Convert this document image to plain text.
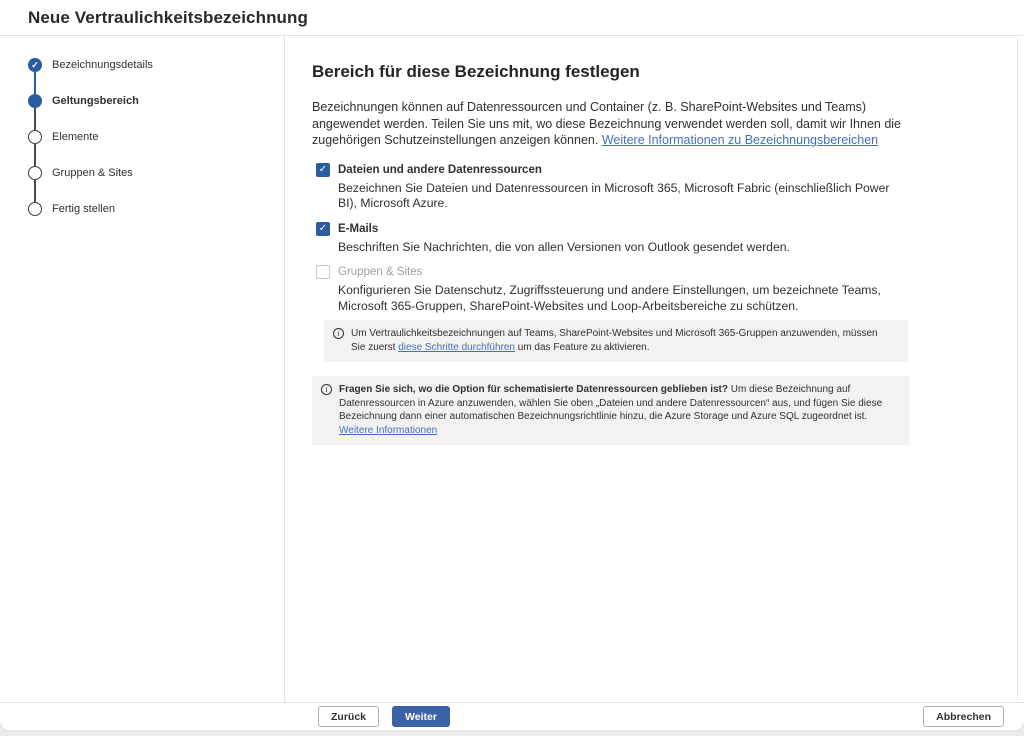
Neue Vertraulichkeitsbezeichnung
✓ Bezeichnungsdetails
Geltungsbereich
Elemente
Gruppen & Sites
Fertig stellen
Bereich für diese Bezeichnung festlegen

Bezeichnungen können auf Datenressourcen und Container (z. B. SharePoint-Websites und Teams) angewendet werden. Teilen Sie uns mit, wo diese Bezeichnung verwendet werden soll, damit wir Ihnen die zugehörigen Schutzeinstellungen anzeigen können. Weitere Informationen zu Bezeichnungsbereichen

✓ Dateien und andere Datenressourcen
Bezeichnen Sie Dateien und Datenressourcen in Microsoft 365, Microsoft Fabric (einschließlich Power BI), Microsoft Azure.
✓ E-Mails
Beschriften Sie Nachrichten, die von allen Versionen von Outlook gesendet werden.
Gruppen & Sites
Konfigurieren Sie Datenschutz, Zugriffssteuerung und andere Einstellungen, um bezeichnete Teams, Microsoft 365-Gruppen, SharePoint-Websites und Loop-Arbeitsbereiche zu schützen.
i	Um Vertraulichkeitsbezeichnungen auf Teams, SharePoint-Websites und Microsoft 365-Gruppen anzuwenden, müssen Sie zuerst diese Schritte durchführen um das Feature zu aktivieren.
i	Fragen Sie sich, wo die Option für schematisierte Datenressourcen geblieben ist? Um diese Bezeichnung auf Datenressourcen in Azure anzuwenden, wählen Sie oben „Dateien und andere Datenressourcen“ aus, und fügen Sie diese Bezeichnung dann einer automatischen Bezeichnungsrichtlinie hinzu, die Azure Storage und Azure SQL zugeordnet ist. Weitere Informationen
Zurück	Weiter	Abbrechen
